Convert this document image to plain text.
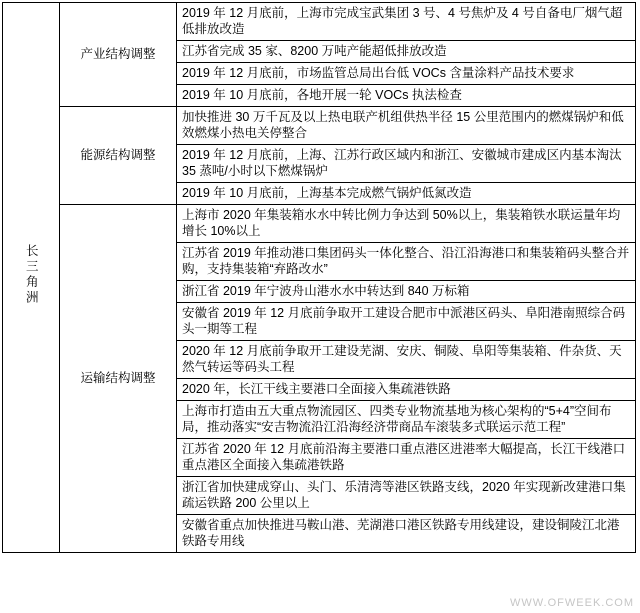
长三角洲	产业结构调整	2019 年 12 月底前，上海市完成宝武集团 3 号、4 号焦炉及 4 号自备电厂烟气超低排放改造
		江苏省完成 35 家、8200 万吨产能超低排放改造
		2019 年 12 月底前，市场监管总局出台低 VOCs 含量涂料产品技术要求
		2019 年 10 月底前，各地开展一轮 VOCs 执法检查
	能源结构调整	加快推进 30 万千瓦及以上热电联产机组供热半径 15 公里范围内的燃煤锅炉和低效燃煤小热电关停整合
		2019 年 12 月底前，上海、江苏行政区域内和浙江、安徽城市建成区内基本淘汰 35 蒸吨/小时以下燃煤锅炉
		2019 年 10 月底前，上海基本完成燃气锅炉低氮改造
	运输结构调整	上海市 2020 年集装箱水水中转比例力争达到 50%以上，集装箱铁水联运量年均增长 10%以上
		江苏省 2019 年推动港口集团码头一体化整合、沿江沿海港口和集装箱码头整合并购，支持集装箱“弃路改水”
		浙江省 2019 年宁波舟山港水水中转达到 840 万标箱
		安徽省 2019 年 12 月底前争取开工建设合肥市中派港区码头、阜阳港南照综合码头一期等工程
		2020 年 12 月底前争取开工建设芜湖、安庆、铜陵、阜阳等集装箱、件杂货、天然气转运等码头工程
		2020 年，长江干线主要港口全面接入集疏港铁路
		上海市打造由五大重点物流园区、四类专业物流基地为核心架构的“5+4”空间布局，推动落实“安吉物流沿江沿海经济带商品车滚装多式联运示范工程”
		江苏省 2020 年 12 月底前沿海主要港口重点港区进港率大幅提高，长江干线港口重点港区全面接入集疏港铁路
		浙江省加快建成穿山、头门、乐清湾等港区铁路支线，2020 年实现新改建港口集疏运铁路 200 公里以上
		安徽省重点加快推进马鞍山港、芜湖港口港区铁路专用线建设，建设铜陵江北港铁路专用线
WWW.OFWEEK.COM
